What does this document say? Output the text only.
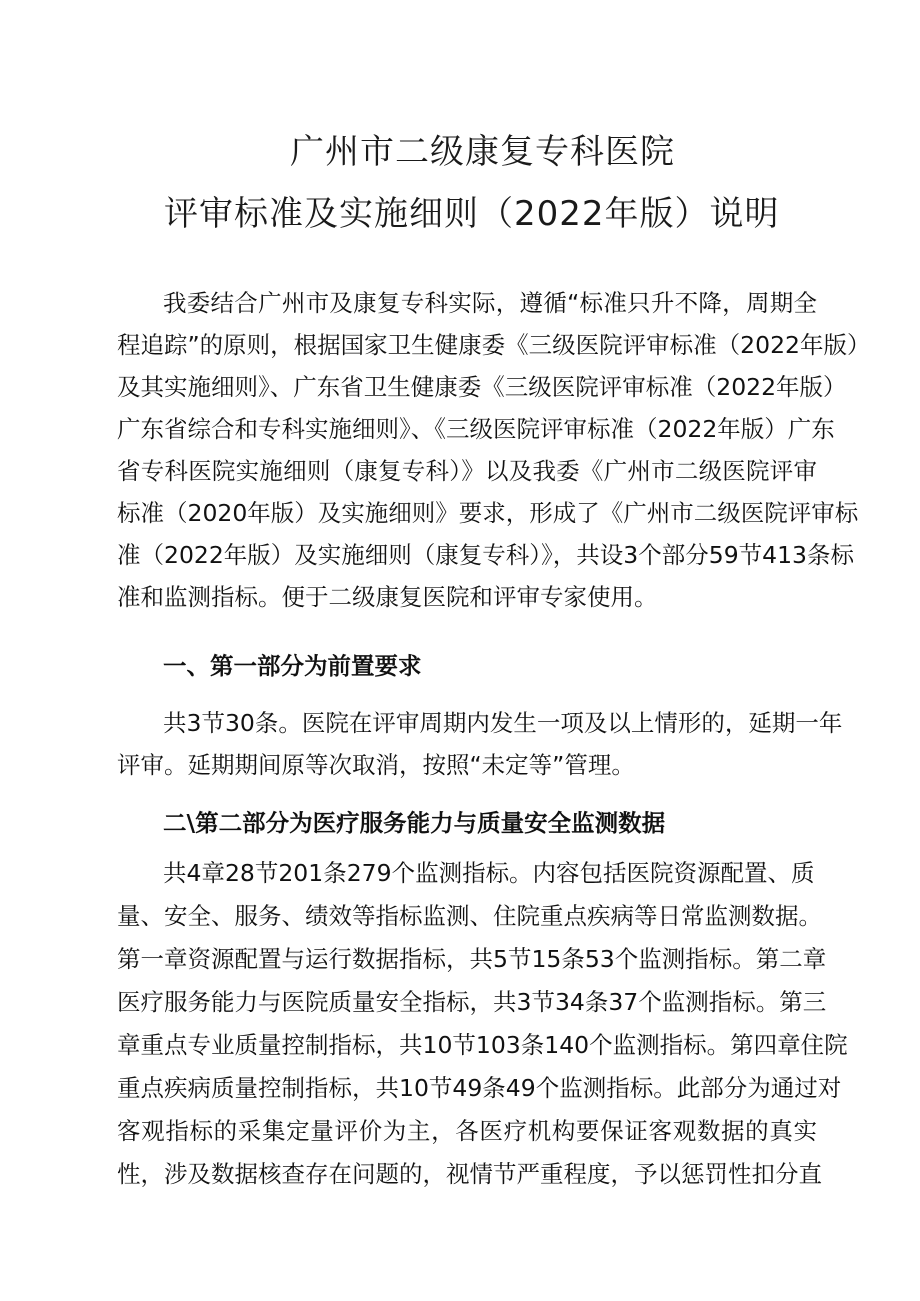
广州市二级康复专科医院
评审标准及实施细则（2022年版）说明
我委结合广州市及康复专科实际，遵循“标准只升不降，周期全
程追踪”的原则，根据国家卫生健康委《三级医院评审标准（2022年版）
及其实施细则》、广东省卫生健康委《三级医院评审标准（2022年版）
广东省综合和专科实施细则》、《三级医院评审标准（2022年版）广东
省专科医院实施细则（康复专科）》以及我委《广州市二级医院评审
标准（2020年版）及实施细则》要求，形成了《广州市二级医院评审标
准（2022年版）及实施细则（康复专科）》，共设3个部分59节413条标
准和监测指标。便于二级康复医院和评审专家使用。
一、第一部分为前置要求
共3节30条。医院在评审周期内发生一项及以上情形的，延期一年
评审。延期期间原等次取消，按照“未定等”管理。
二\第二部分为医疗服务能力与质量安全监测数据
共4章28节201条279个监测指标。内容包括医院资源配置、质
量、安全、服务、绩效等指标监测、住院重点疾病等日常监测数据。
第一章资源配置与运行数据指标，共5节15条53个监测指标。第二章
医疗服务能力与医院质量安全指标，共3节34条37个监测指标。第三
章重点专业质量控制指标，共10节103条140个监测指标。第四章住院
重点疾病质量控制指标，共10节49条49个监测指标。此部分为通过对
客观指标的采集定量评价为主，各医疗机构要保证客观数据的真实
性，涉及数据核查存在问题的，视情节严重程度，予以惩罚性扣分直
